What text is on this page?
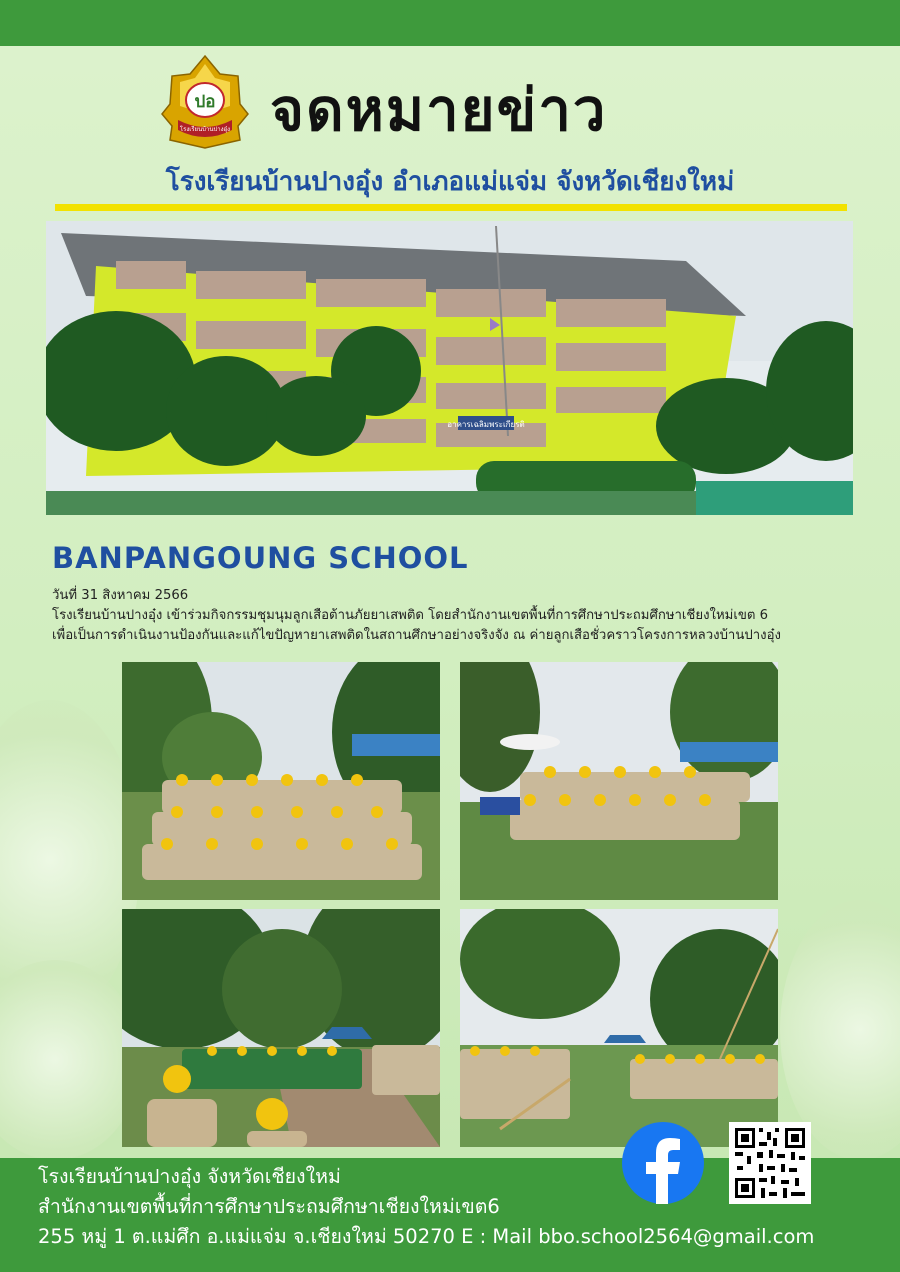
ปอ
โรงเรียนบ้านปางอุ๋ง จดหมายข่าว
โรงเรียนบ้านปางอุ๋ง อำเภอแม่แจ่ม จังหวัดเชียงใหม่
อาคารเฉลิมพระเกียรติ
BANPANGOUNG SCHOOL
วันที่ 31 สิงหาคม 2566
โรงเรียนบ้านปางอุ๋ง เข้าร่วมกิจกรรมชุมนุมลูกเสือต้านภัยยาเสพติด โดยสำนักงานเขตพื้นที่การศึกษาประถมศึกษาเชียงใหม่เขต 6
เพื่อเป็นการดำเนินงานป้องกันและแก้ไขปัญหายาเสพติดในสถานศึกษาอย่างจริงจัง ณ ค่ายลูกเสือชั่วคราวโครงการหลวงบ้านปางอุ๋ง
โรงเรียนบ้านปางอุ๋ง จังหวัดเชียงใหม่
สำนักงานเขตพื้นที่การศึกษาประถมศึกษาเชียงใหม่เขต6
255 หมู่ 1 ต.แม่ศึก อ.แม่แจ่ม จ.เชียงใหม่ 50270 E : Mail bbo.school2564@gmail.com
